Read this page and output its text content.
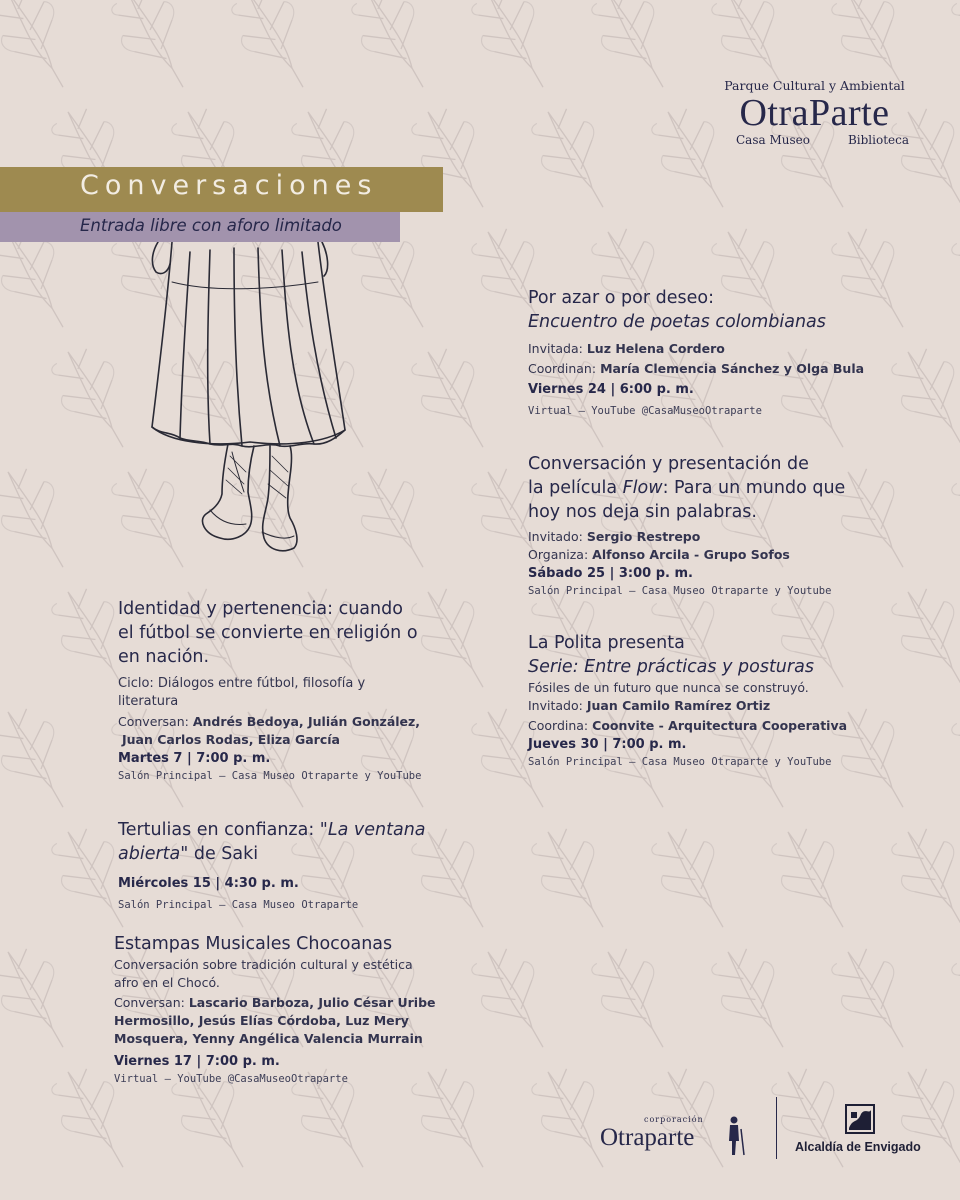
Parque Cultural y Ambiental
OtraParte
Casa Museo	Biblioteca
Conversaciones
Entrada libre con aforo limitado
Identidad y pertenencia: cuando
el fútbol se convierte en religión o
en nación.
Ciclo: Diálogos entre fútbol, filosofía y
literatura
Conversan: Andrés Bedoya, Julián González,
Juan Carlos Rodas, Eliza García
Martes 7 | 7:00 p. m.
Salón Principal – Casa Museo Otraparte y YouTube
Tertulias en confianza: "La ventana
abierta" de Saki
Miércoles 15 | 4:30 p. m.
Salón Principal – Casa Museo Otraparte
Estampas Musicales Chocoanas
Conversación sobre tradición cultural y estética
afro en el Chocó.
Conversan: Lascario Barboza, Julio César Uribe
Hermosillo, Jesús Elías Córdoba, Luz Mery
Mosquera, Yenny Angélica Valencia Murrain
Viernes 17 | 7:00 p. m.
Virtual – YouTube @CasaMuseoOtraparte
Por azar o por deseo:
Encuentro de poetas colombianas
Invitada: Luz Helena Cordero
Coordinan: María Clemencia Sánchez y Olga Bula
Viernes 24 | 6:00 p. m.
Virtual – YouTube @CasaMuseoOtraparte
Conversación y presentación de
la película Flow: Para un mundo que
hoy nos deja sin palabras.
Invitado: Sergio Restrepo
Organiza: Alfonso Arcila - Grupo Sofos
Sábado 25 | 3:00 p. m.
Salón Principal – Casa Museo Otraparte y Youtube
La Polita presenta
Serie: Entre prácticas y posturas
Fósiles de un futuro que nunca se construyó.
Invitado: Juan Camilo Ramírez Ortiz
Coordina: Coonvite - Arquitectura Cooperativa
Jueves 30 | 7:00 p. m.
Salón Principal – Casa Museo Otraparte y YouTube
corporación
Otraparte	Alcaldía de Envigado
